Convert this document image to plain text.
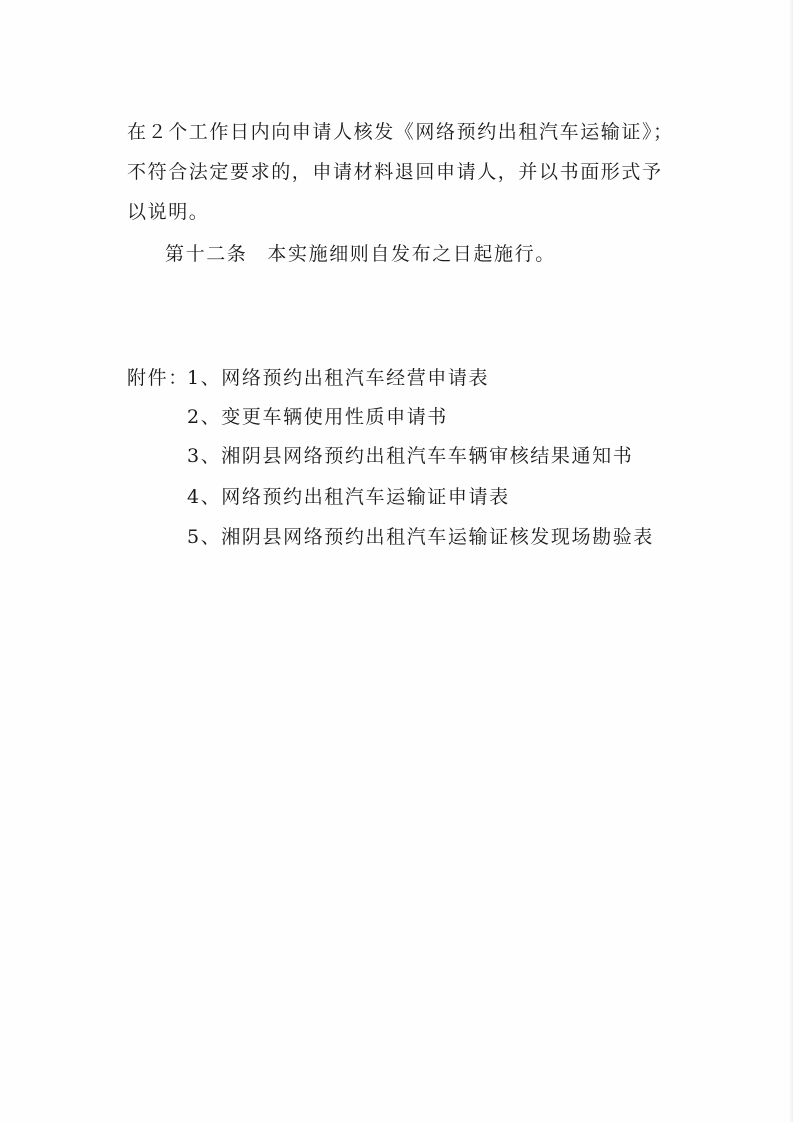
在２个工作日内向申请人核发《网络预约出租汽车运输证》；
不符合法定要求的，申请材料退回申请人，并以书面形式予
以说明。
第十二条 本实施细则自发布之日起施行。
附件：
1、网络预约出租汽车经营申请表
2、变更车辆使用性质申请书
3、湘阴县网络预约出租汽车车辆审核结果通知书
4、网络预约出租汽车运输证申请表
5、湘阴县网络预约出租汽车运输证核发现场勘验表
